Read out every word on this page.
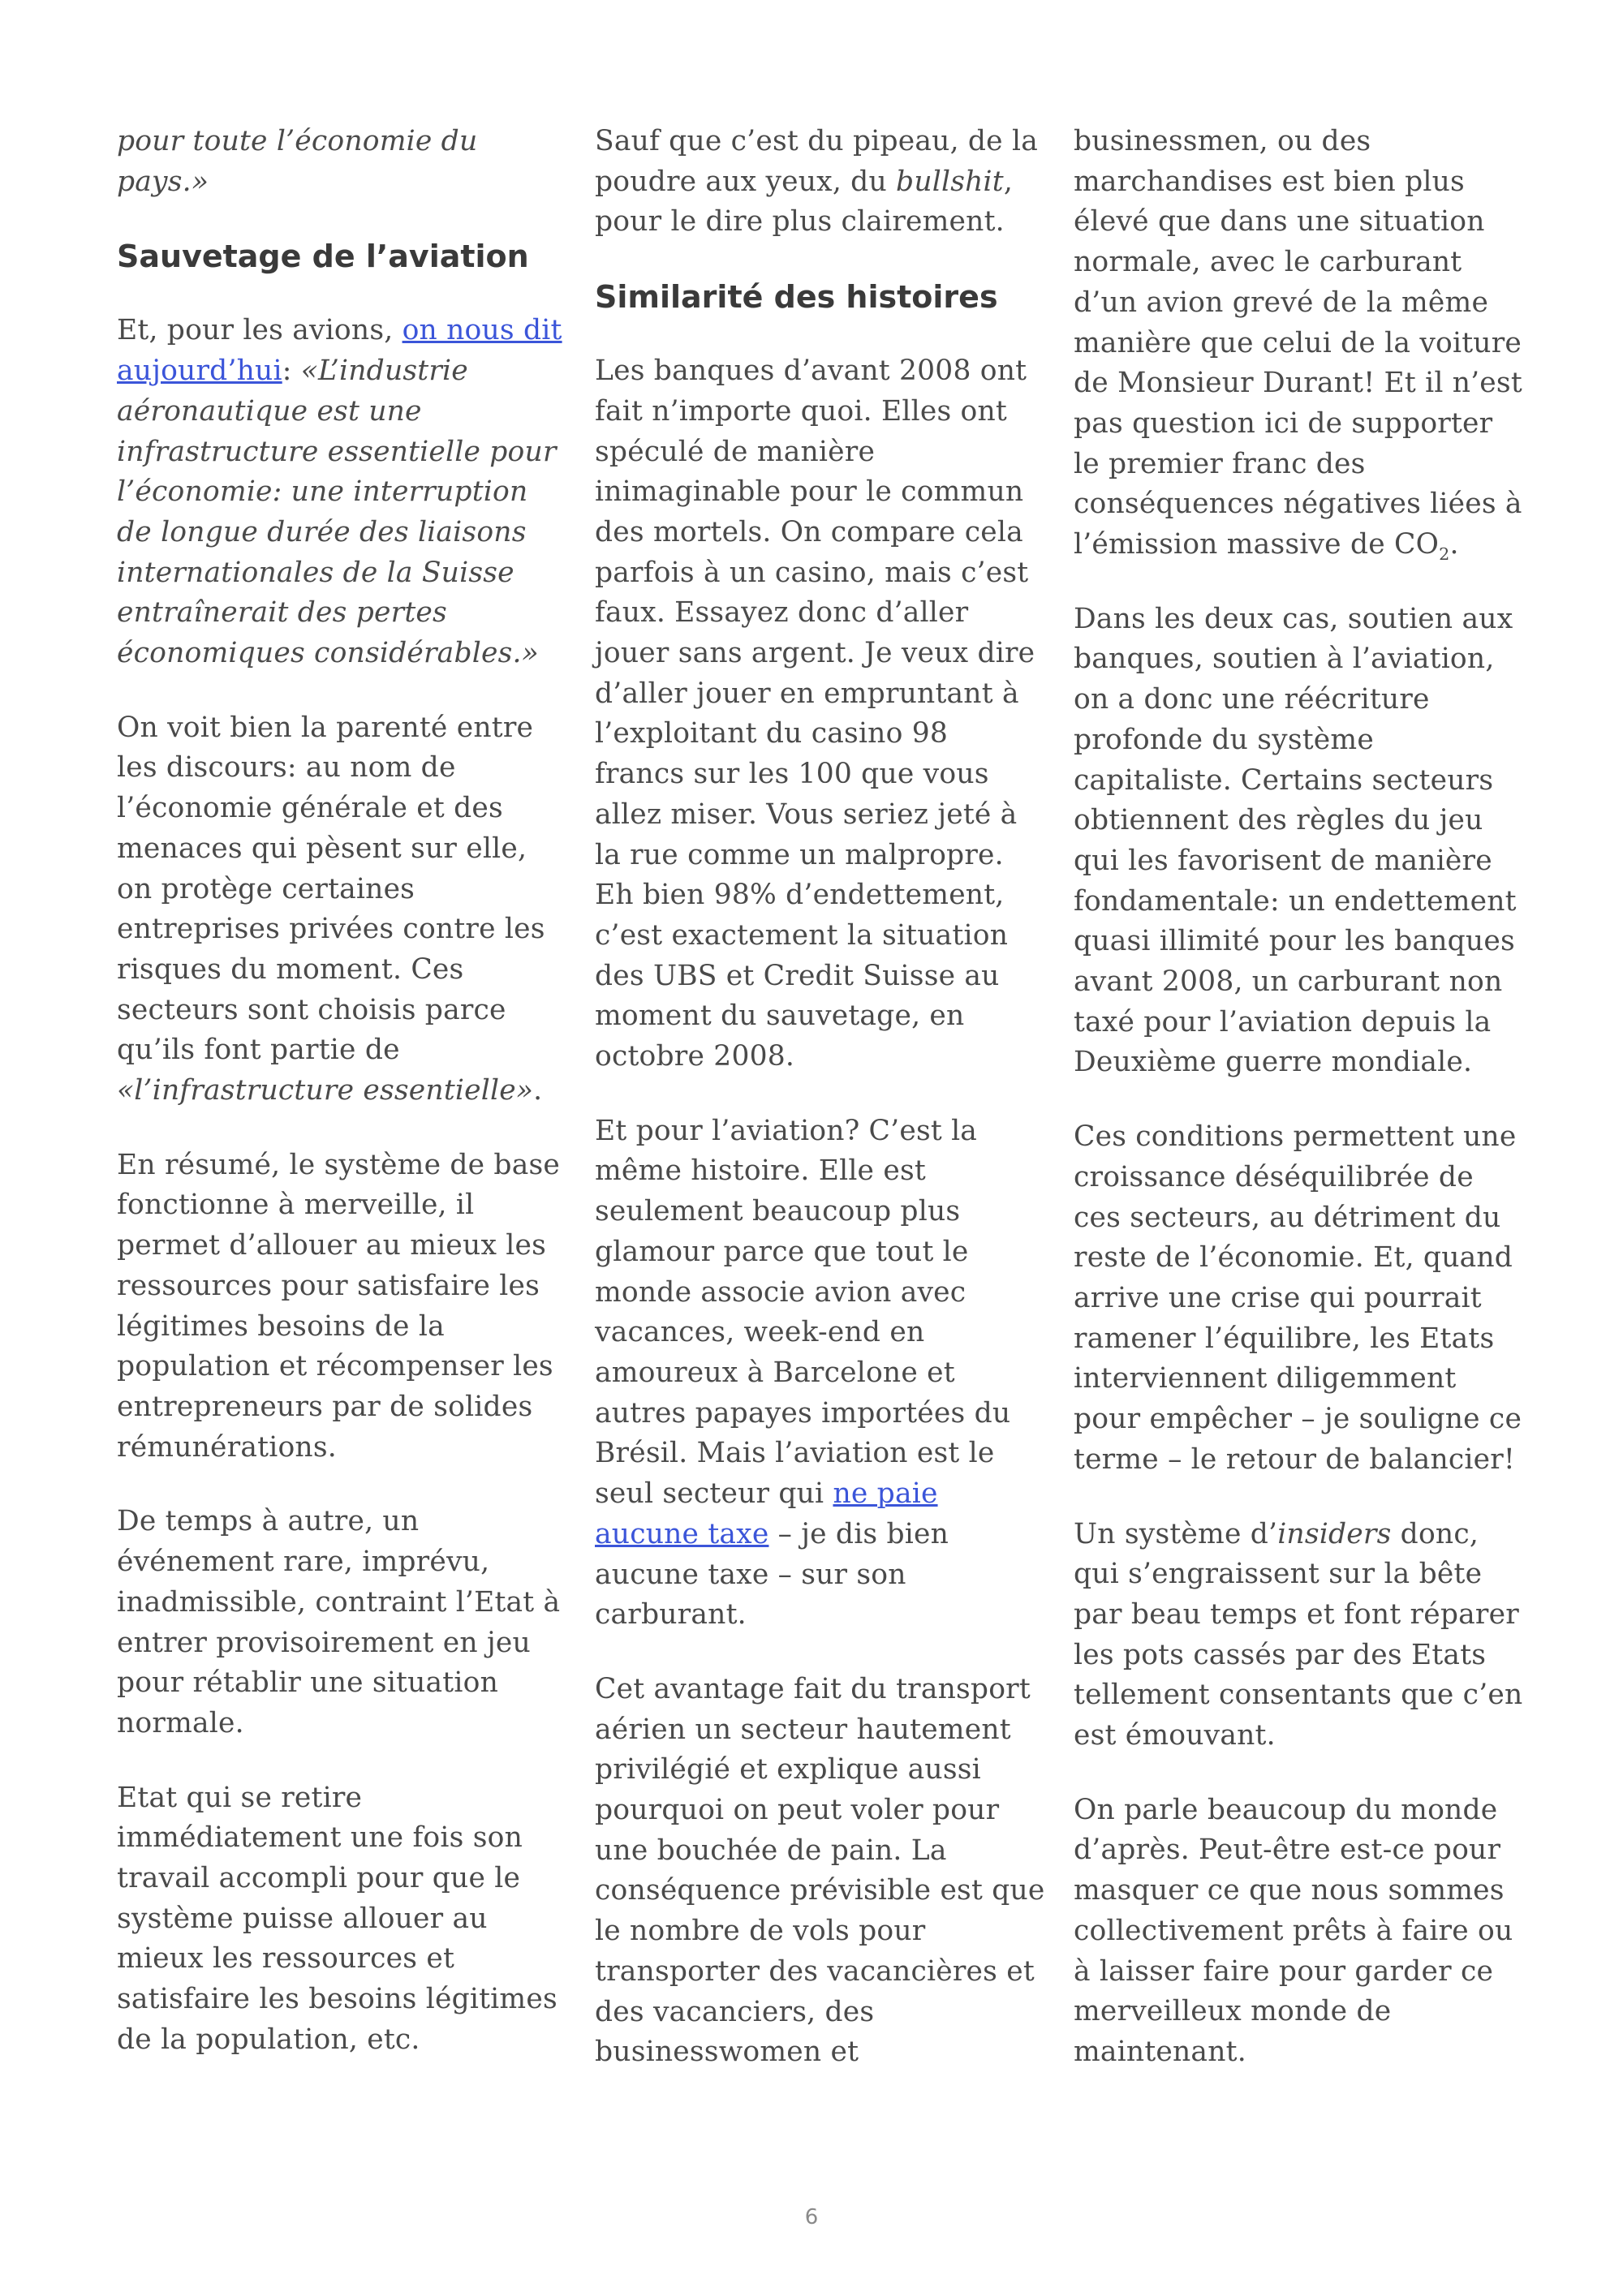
pour toute l’économie du pays.»

Sauvetage de l’aviation

Et, pour les avions, on nous dit aujourd’hui: «L’industrie aéronautique est une infrastructure essentielle pour l’économie: une interruption de longue durée des liaisons internationales de la Suisse entraînerait des pertes économiques considérables.»

On voit bien la parenté entre les discours: au nom de l’économie générale et des menaces qui pèsent sur elle, on protège certaines entreprises privées contre les risques du moment. Ces secteurs sont choisis parce qu’ils font partie de «l’infrastructure essentielle».

En résumé, le système de base fonctionne à merveille, il permet d’allouer au mieux les ressources pour satisfaire les légitimes besoins de la population et récompenser les entrepreneurs par de solides rémunérations.

De temps à autre, un événement rare, imprévu, inadmissible, contraint l’Etat à entrer provisoirement en jeu pour rétablir une situation normale.

Etat qui se retire immédiatement une fois son travail accompli pour que le système puisse allouer au mieux les ressources et satisfaire les besoins légitimes de la population, etc.

Sauf que c’est du pipeau, de la poudre aux yeux, du bullshit, pour le dire plus clairement.

Similarité des histoires

Les banques d’avant 2008 ont fait n’importe quoi. Elles ont spéculé de manière inimaginable pour le commun des mortels. On compare cela parfois à un casino, mais c’est faux. Essayez donc d’aller jouer sans argent. Je veux dire d’aller jouer en empruntant à l’exploitant du casino 98 francs sur les 100 que vous allez miser. Vous seriez jeté à la rue comme un malpropre. Eh bien 98% d’endettement, c’est exactement la situation des UBS et Credit Suisse au moment du sauvetage, en octobre 2008.

Et pour l’aviation? C’est la même histoire. Elle est seulement beaucoup plus glamour parce que tout le monde associe avion avec vacances, week-end en amoureux à Barcelone et autres papayes importées du Brésil. Mais l’aviation est le seul secteur qui ne paie aucune taxe – je dis bien aucune taxe – sur son carburant.

Cet avantage fait du transport aérien un secteur hautement privilégié et explique aussi pourquoi on peut voler pour une bouchée de pain. La conséquence prévisible est que le nombre de vols pour transporter des vacancières et des vacanciers, des businesswomen et

businessmen, ou des marchandises est bien plus élevé que dans une situation normale, avec le carburant d’un avion grevé de la même manière que celui de la voiture de Monsieur Durant! Et il n’est pas question ici de supporter le premier franc des conséquences négatives liées à l’émission massive de $CO_2$.

Dans les deux cas, soutien aux banques, soutien à l’aviation, on a donc une réécriture profonde du système capitaliste. Certains secteurs obtiennent des règles du jeu qui les favorisent de manière fondamentale: un endettement quasi illimité pour les banques avant 2008, un carburant non taxé pour l’aviation depuis la Deuxième guerre mondiale.

Ces conditions permettent une croissance déséquilibrée de ces secteurs, au détriment du reste de l’économie. Et, quand arrive une crise qui pourrait ramener l’équilibre, les Etats interviennent diligemment pour empêcher – je souligne ce terme – le retour de balancier!

Un système d’insiders donc, qui s’engraissent sur la bête par beau temps et font réparer les pots cassés par des Etats tellement consentants que c’en est émouvant.

On parle beaucoup du monde d’après. Peut-être est-ce pour masquer ce que nous sommes collectivement prêts à faire ou à laisser faire pour garder ce merveilleux monde de maintenant.

6
